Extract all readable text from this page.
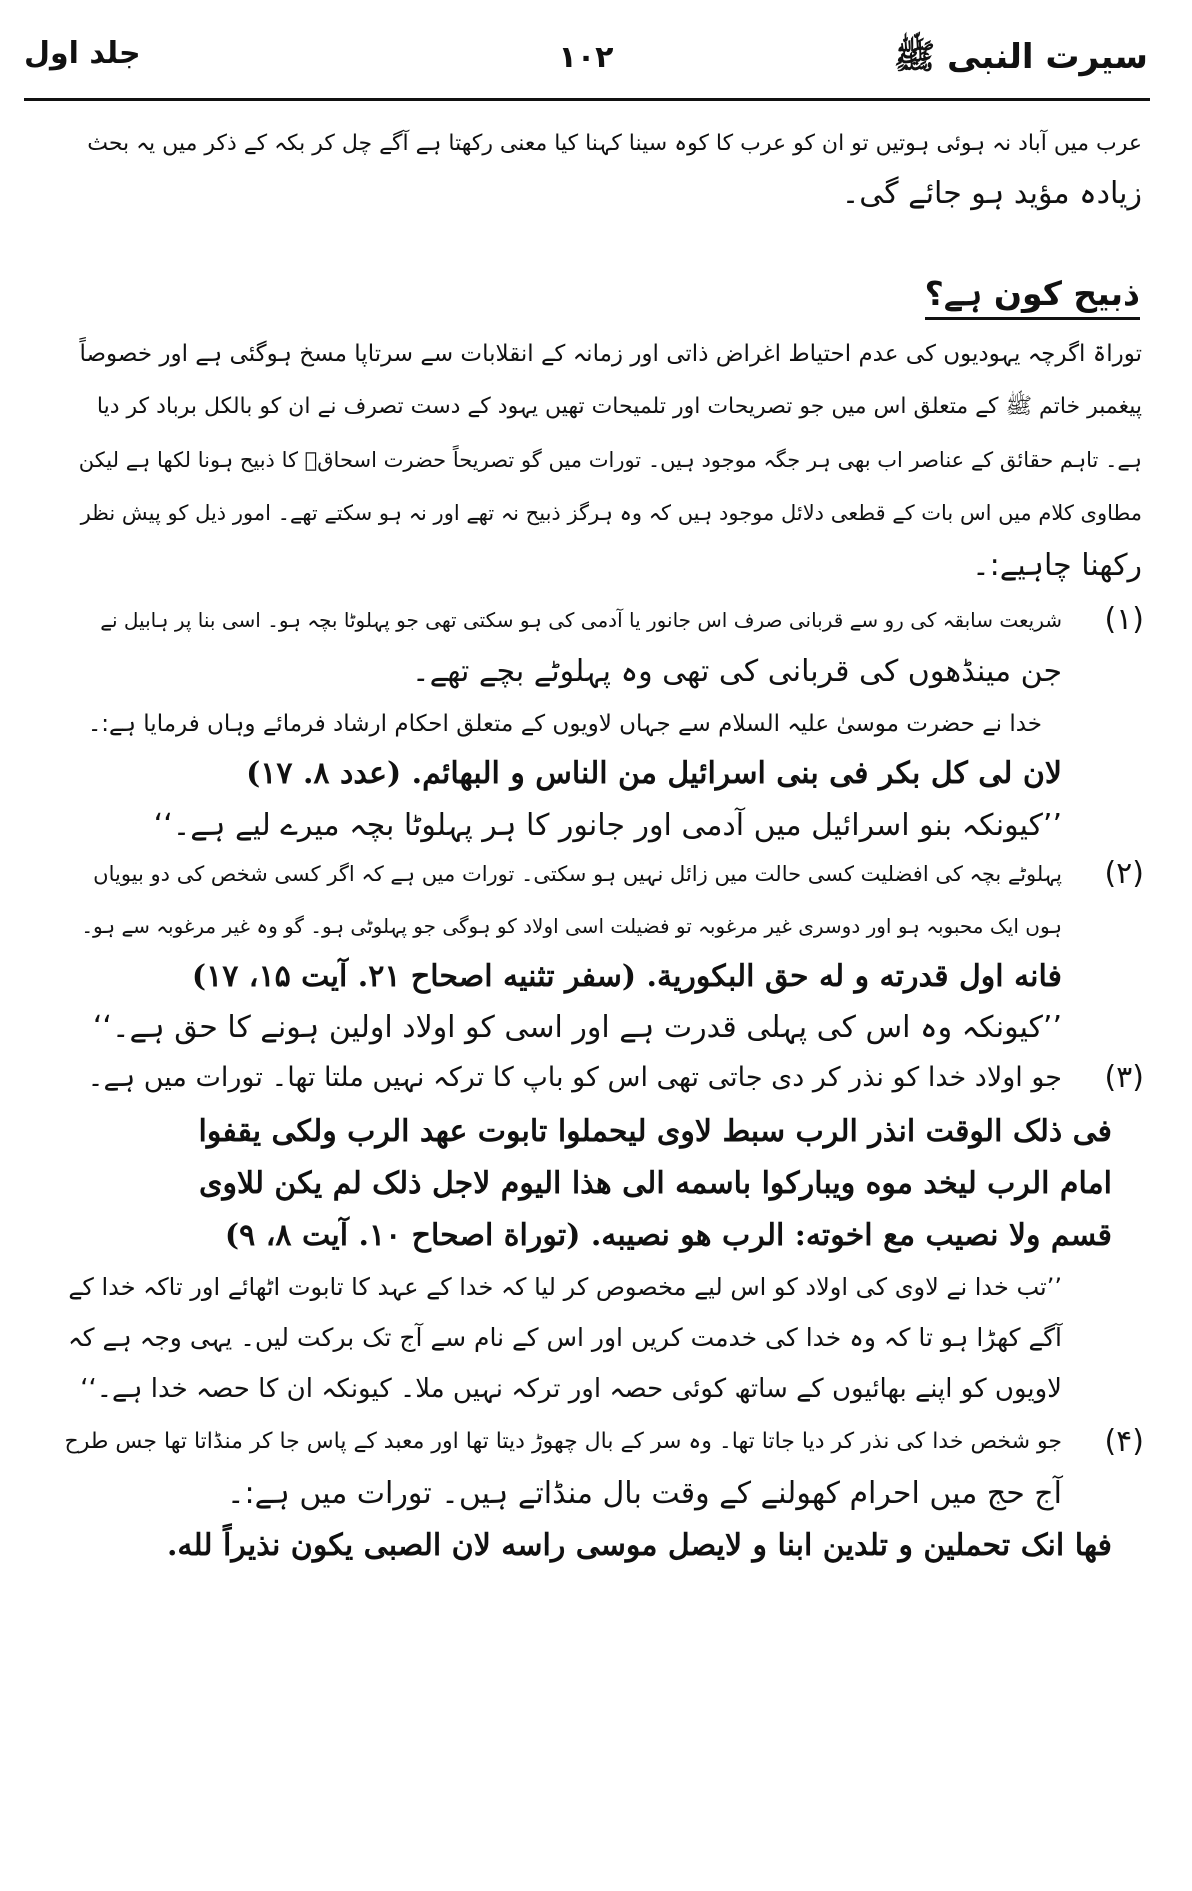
سیرت النبی ﷺ
۱۰۲
جلد اول
عرب میں آباد نہ ہوئی ہوتیں تو ان کو عرب کا کوہ سینا کہنا کیا معنی رکھتا ہے آگے چل کر بکہ کے ذکر میں یہ بحث
زیادہ مؤید ہو جائے گی۔
ذبیح کون ہے؟
توراۃ اگرچہ یہودیوں کی عدم احتیاط اغراض ذاتی اور زمانہ کے انقلابات سے سرتاپا مسخ ہوگئی ہے اور خصوصاً
پیغمبر خاتم ﷺ کے متعلق اس میں جو تصریحات اور تلمیحات تھیں یہود کے دست تصرف نے ان کو بالکل برباد کر دیا
ہے۔ تاہم حقائق کے عناصر اب بھی ہر جگہ موجود ہیں۔ تورات میں گو تصریحاً حضرت اسحاقؑ کا ذبیح ہونا لکھا ہے لیکن
مطاوی کلام میں اس بات کے قطعی دلائل موجود ہیں کہ وہ ہرگز ذبیح نہ تھے اور نہ ہو سکتے تھے۔ امور ذیل کو پیش نظر
رکھنا چاہیے:۔
(۱)
شریعت سابقہ کی رو سے قربانی صرف اس جانور یا آدمی کی ہو سکتی تھی جو پہلوٹا بچہ ہو۔ اسی بنا پر ہابیل نے
جن مینڈھوں کی قربانی کی تھی وہ پہلوٹے بچے تھے۔
خدا نے حضرت موسیٰ علیہ السلام سے جہاں لاویوں کے متعلق احکام ارشاد فرمائے وہاں فرمایا ہے:۔
لان لی کل بکر فی بنی اسرائیل من الناس و البهائم. (عدد ۸. ۱۷)
’’کیونکہ بنو اسرائیل میں آدمی اور جانور کا ہر پہلوٹا بچہ میرے لیے ہے۔‘‘
(۲)
پہلوٹے بچہ کی افضلیت کسی حالت میں زائل نہیں ہو سکتی۔ تورات میں ہے کہ اگر کسی شخص کی دو بیویاں
ہوں ایک محبوبہ ہو اور دوسری غیر مرغوبہ تو فضیلت اسی اولاد کو ہوگی جو پہلوٹی ہو۔ گو وہ غیر مرغوبہ سے ہو۔
فانه اول قدرته و له حق البکورية. (سفر تثنيه اصحاح ۲۱. آيت ۱۵، ۱۷)
’’کیونکہ وہ اس کی پہلی قدرت ہے اور اسی کو اولاد اولین ہونے کا حق ہے۔‘‘
(۳)
جو اولاد خدا کو نذر کر دی جاتی تھی اس کو باپ کا ترکہ نہیں ملتا تھا۔ تورات میں ہے۔
فی ذلک الوقت انذر الرب سبط لاوی ليحملوا تابوت عهد الرب ولكی يقفوا
امام الرب ليخد موه ويباركوا باسمه الی هذا اليوم لاجل ذلک لم يكن للاوی
قسم ولا نصيب مع اخوته: الرب هو نصيبه. (توراة اصحاح ۱۰. آيت ۸، ۹)
’’تب خدا نے لاوی کی اولاد کو اس لیے مخصوص کر لیا کہ خدا کے عہد کا تابوت اٹھائے اور تاکہ خدا کے
آگے کھڑا ہو تا کہ وہ خدا کی خدمت کریں اور اس کے نام سے آج تک برکت لیں۔ یہی وجہ ہے کہ
لاویوں کو اپنے بھائیوں کے ساتھ کوئی حصہ اور ترکہ نہیں ملا۔ کیونکہ ان کا حصہ خدا ہے۔‘‘
(۴)
جو شخص خدا کی نذر کر دیا جاتا تھا۔ وہ سر کے بال چھوڑ دیتا تھا اور معبد کے پاس جا کر منڈاتا تھا جس طرح
آج حج میں احرام کھولنے کے وقت بال منڈاتے ہیں۔ تورات میں ہے:۔
فها انک تحملين و تلدين ابنا و لايصل موسی راسه لان الصبی يكون نذيراً لله.
